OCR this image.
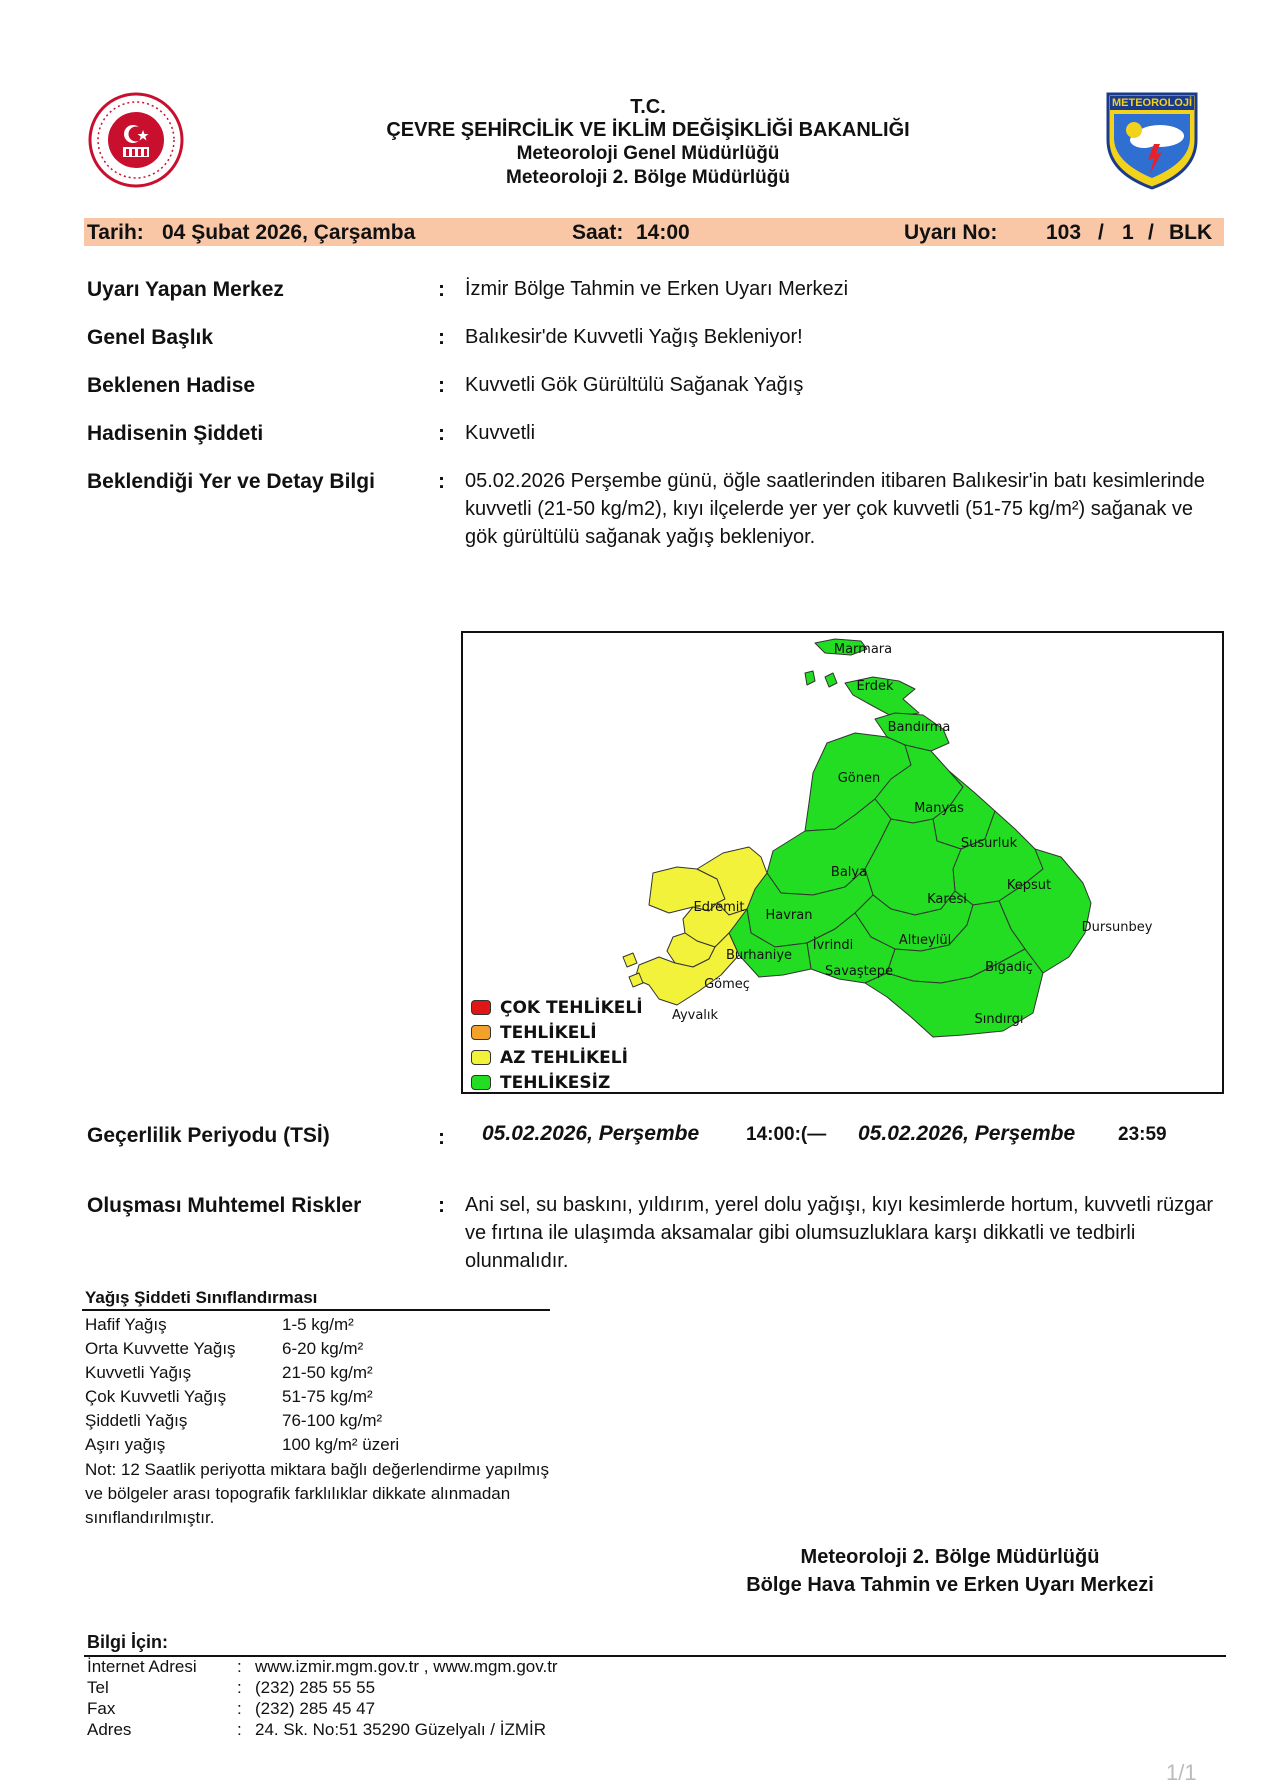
T.C.
ÇEVRE ŞEHİRCİLİK VE İKLİM DEĞİŞİKLİĞİ BAKANLIĞI
Meteoroloji Genel Müdürlüğü
Meteoroloji 2. Bölge Müdürlüğü
METEOROLOJİ
Tarih: 04 Şubat 2026, Çarşamba	Saat: 14:00	Uyarı No: 103 / 1 / BLK
Uyarı Yapan Merkez	: İzmir Bölge Tahmin ve Erken Uyarı Merkezi
Genel Başlık	: Balıkesir'de Kuvvetli Yağış Bekleniyor!
Beklenen Hadise	: Kuvvetli Gök Gürültülü Sağanak Yağış
Hadisenin Şiddeti	: Kuvvetli
Beklendiği Yer ve Detay Bilgi	: 05.02.2026 Perşembe günü, öğle saatlerinden itibaren Balıkesir'in batı kesimlerinde kuvvetli (21-50 kg/m2), kıyı ilçelerde yer yer çok kuvvetli (51-75 kg/m²) sağanak ve gök gürültülü sağanak yağış bekleniyor.
Marmara
Erdek
Bandırma
Gönen
Manyas
Susurluk
Balya
Kepsut
Karesi
Dursunbey
Edremit
Havran
İvrindi	Altıeylül
Burhaniye
Savaştepe	Bigadiç
Gömeç
Ayvalık	Sındırgı
ÇOK TEHLİKELİ
TEHLİKELİ
AZ TEHLİKELİ
TEHLİKESİZ
Geçerlilik Periyodu (TSİ)	: 05.02.2026, Perşembe 14:00:(— 05.02.2026, Perşembe 23:59
Oluşması Muhtemel Riskler	: Ani sel, su baskını, yıldırım, yerel dolu yağışı, kıyı kesimlerde hortum, kuvvetli rüzgar ve fırtına ile ulaşımda aksamalar gibi olumsuzluklara karşı dikkatli ve tedbirli olunmalıdır.
Yağış Şiddeti Sınıflandırması
Hafif Yağış	1-5 kg/m²
Orta Kuvvette Yağış	6-20 kg/m²
Kuvvetli Yağış	21-50 kg/m²
Çok Kuvvetli Yağış	51-75 kg/m²
Şiddetli Yağış	76-100 kg/m²
Aşırı yağış	100 kg/m² üzeri
Not: 12 Saatlik periyotta miktara bağlı değerlendirme yapılmış ve bölgeler arası topografik farklılıklar dikkate alınmadan sınıflandırılmıştır.
Meteoroloji 2. Bölge Müdürlüğü
Bölge Hava Tahmin ve Erken Uyarı Merkezi
Bilgi İçin:
İnternet Adresi : www.izmir.mgm.gov.tr , www.mgm.gov.tr
Tel	: (232) 285 55 55
Fax	: (232) 285 45 47
Adres	: 24. Sk. No:51 35290 Güzelyalı / İZMİR
1/1
